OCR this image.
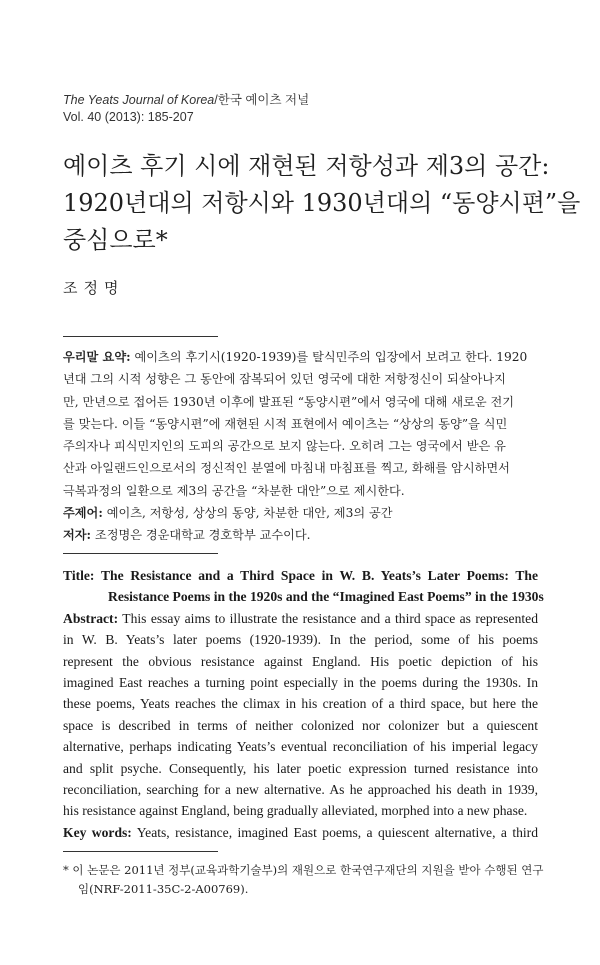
The Yeats Journal of Korea/한국 예이츠 저널
Vol. 40 (2013): 185-207
예이츠 후기 시에 재현된 저항성과 제3의 공간:
1920년대의 저항시와 1930년대의 “동양시편”을
중심으로*
조정명
우리말 요약: 예이츠의 후기시(1920-1939)를 탈식민주의 입장에서 보려고 한다. 1920
년대 그의 시적 성향은 그 동안에 잠복되어 있던 영국에 대한 저항정신이 되살아나지
만, 만년으로 접어든 1930년 이후에 발표된 “동양시편”에서 영국에 대해 새로운 전기
를 맞는다. 이들 “동양시편”에 재현된 시적 표현에서 예이츠는 “상상의 동양”을 식민
주의자나 피식민지인의 도피의 공간으로 보지 않는다. 오히려 그는 영국에서 받은 유
산과 아일랜드인으로서의 정신적인 분열에 마침내 마침표를 찍고, 화해를 암시하면서
극복과정의 일환으로 제3의 공간을 “차분한 대안”으로 제시한다.
주제어: 예이츠, 저항성, 상상의 동양, 차분한 대안, 제3의 공간
저자: 조정명은 경운대학교 경호학부 교수이다.
Title: The Resistance and a Third Space in W. B. Yeats’s Later Poems: The
Resistance Poems in the 1920s and the “Imagined East Poems” in the 1930s
Abstract: This essay aims to illustrate the resistance and a third space as represented
in W. B. Yeats’s later poems (1920-1939). In the period, some of his poems
represent the obvious resistance against England. His poetic depiction of his
imagined East reaches a turning point especially in the poems during the 1930s. In
these poems, Yeats reaches the climax in his creation of a third space, but here the
space is described in terms of neither colonized nor colonizer but a quiescent
alternative, perhaps indicating Yeats’s eventual reconciliation of his imperial legacy
and split psyche. Consequently, his later poetic expression turned resistance into
reconciliation, searching for a new alternative. As he approached his death in 1939,
his resistance against England, being gradually alleviated, morphed into a new phase.
Key words: Yeats, resistance, imagined East poems, a quiescent alternative, a third
* 이 논문은 2011년 정부(교육과학기술부)의 재원으로 한국연구재단의 지원을 받아 수행된 연구
임(NRF-2011-35C-2-A00769).
